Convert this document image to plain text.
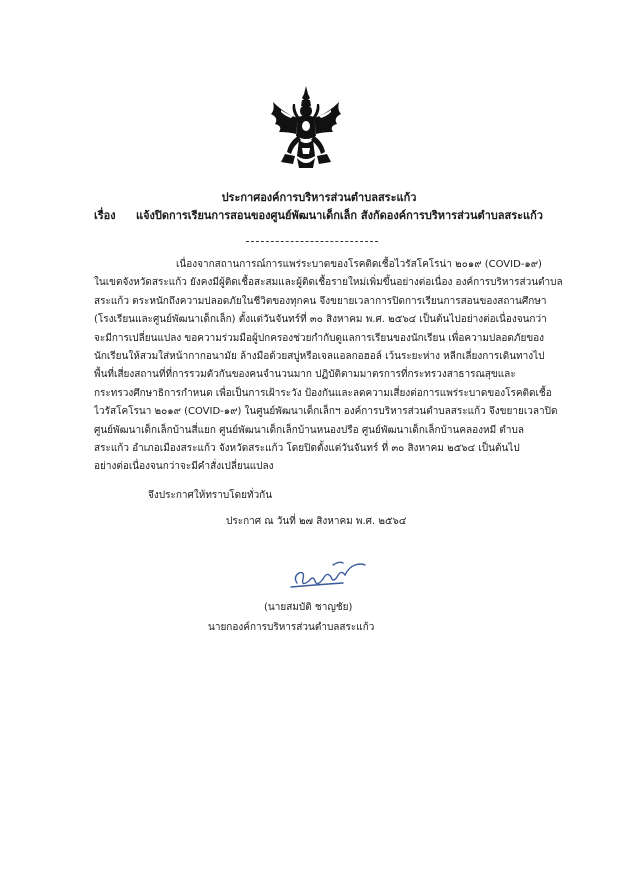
ประกาศองค์การบริหารส่วนตำบลสระแก้ว
เรื่อง แจ้งปิดการเรียนการสอนของศูนย์พัฒนาเด็กเล็ก สังกัดองค์การบริหารส่วนตำบลสระแก้ว
เนื่องจากสถานการณ์การแพร่ระบาดของโรคติดเชื้อไวรัสโคโรน่า ๒๐๑๙ (COVID-๑๙)
ในเขตจังหวัดสระแก้ว ยังคงมีผู้ติดเชื้อสะสมและผู้ติดเชื้อรายใหม่เพิ่มขึ้นอย่างต่อเนื่อง องค์การบริหารส่วนตำบล
สระแก้ว ตระหนักถึงความปลอดภัยในชีวิตของทุกคน จึงขยายเวลาการปิดการเรียนการสอนของสถานศึกษา
(โรงเรียนและศูนย์พัฒนาเด็กเล็ก) ตั้งแต่วันจันทร์ที่ ๓๐ สิงหาคม พ.ศ. ๒๕๖๔ เป็นต้นไปอย่างต่อเนื่องจนกว่า
จะมีการเปลี่ยนแปลง ขอความร่วมมือผู้ปกครองช่วยกำกับดูแลการเรียนของนักเรียน เพื่อความปลอดภัยของ
นักเรียนให้สวมใส่หน้ากากอนามัย ล้างมือด้วยสบู่หรือเจลแอลกอฮอล์ เว้นระยะห่าง หลีกเลี่ยงการเดินทางไป
พื้นที่เสี่ยงสถานที่ที่การรวมตัวกันของคนจำนวนมาก ปฏิบัติตามมาตรการที่กระทรวงสาธารณสุขและ
กระทรวงศึกษาธิการกำหนด เพื่อเป็นการเฝ้าระวัง ป้องกันและลดความเสี่ยงต่อการแพร่ระบาดของโรคติดเชื้อ
ไวรัสโคโรนา ๒๐๑๙ (COVID-๑๙) ในศูนย์พัฒนาเด็กเล็กฯ องค์การบริหารส่วนตำบลสระแก้ว จึงขยายเวลาปิด
ศูนย์พัฒนาเด็กเล็กบ้านสี่แยก ศูนย์พัฒนาเด็กเล็กบ้านหนองปรือ ศูนย์พัฒนาเด็กเล็กบ้านคลองหมี ตำบล
สระแก้ว อำเภอเมืองสระแก้ว จังหวัดสระแก้ว โดยปิดตั้งแต่วันจันทร์ ที่ ๓๐ สิงหาคม ๒๕๖๔ เป็นต้นไป
อย่างต่อเนื่องจนกว่าจะมีคำสั่งเปลี่ยนแปลง
จึงประกาศให้ทราบโดยทั่วกัน
ประกาศ ณ วันที่ ๒๗ สิงหาคม พ.ศ. ๒๕๖๔
(นายสมบัติ ชาญชัย)
นายกองค์การบริหารส่วนตำบลสระแก้ว
